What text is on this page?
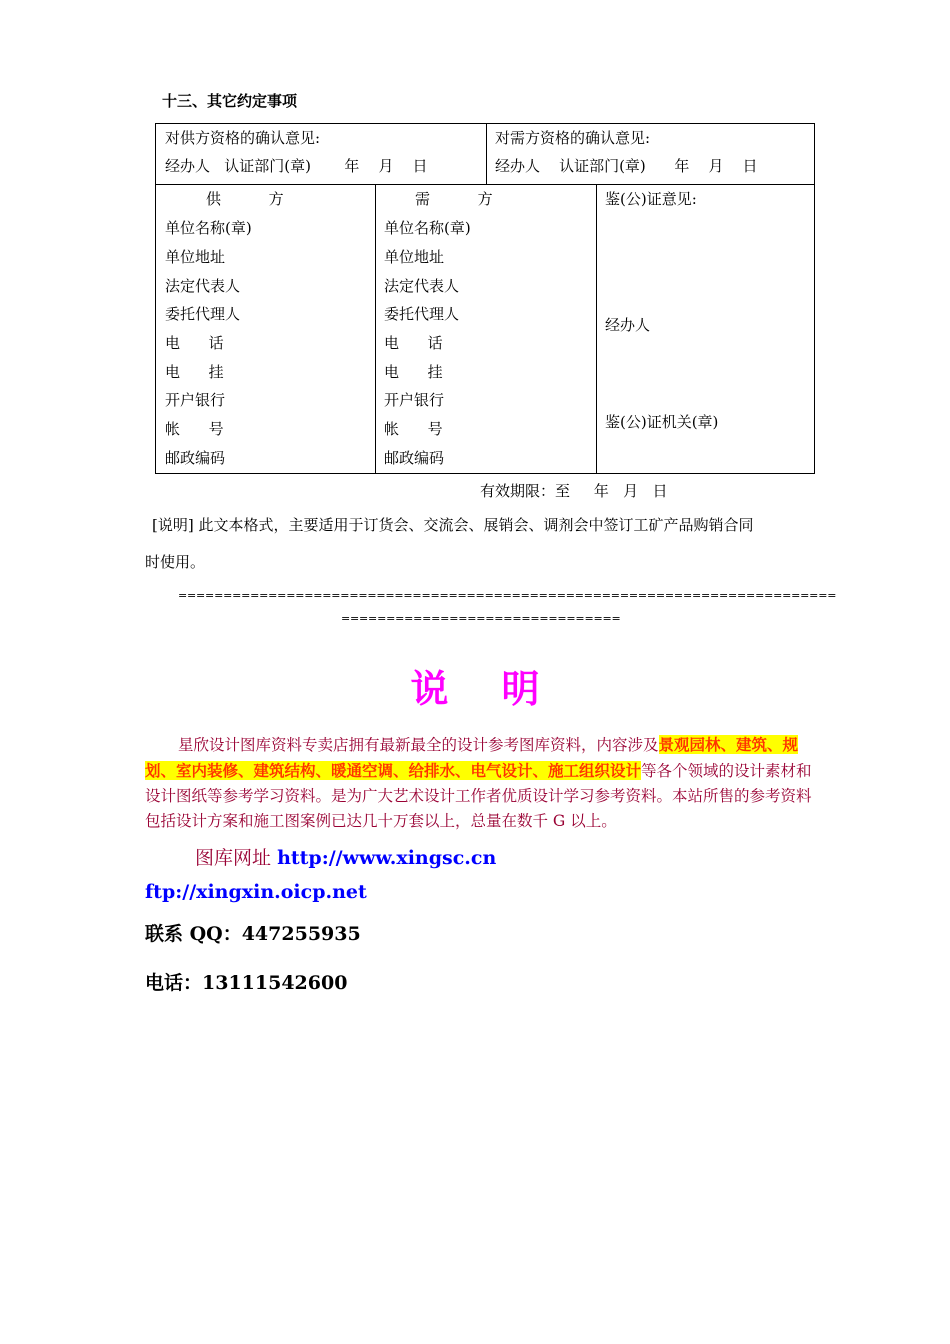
十三、其它约定事项
对供方资格的确认意见:
经办人   认证部门(章)       年    月    日
对需方资格的确认意见:
经办人    认证部门(章)      年    月    日
供          方
单位名称(章)
单位地址
法定代表人
委托代理人
电      话
电      挂
开户银行
帐      号
邮政编码
需          方
单位名称(章)
单位地址
法定代表人
委托代理人
电      话
电      挂
开户银行
帐      号
邮政编码
鉴(公)证意见:
经办人
鉴(公)证机关(章)
有效期限：至     年   月   日
[说明] 此文本格式，主要适用于订货会、交流会、展销会、调剂会中签订工矿产品购销合同
时使用。
=========================================================================
===============================
说    明

星欣设计图库资料专卖店拥有最新最全的设计参考图库资料，内容涉及景观园林、建筑、规划、室内装修、建筑结构、暖通空调、给排水、电气设计、施工组织设计等各个领域的设计素材和设计图纸等参考学习资料。是为广大艺术设计工作者优质设计学习参考资料。本站所售的参考资料包括设计方案和施工图案例已达几十万套以上，总量在数千 G 以上。

图库网址 http://www.xingsc.cn
ftp://xingxin.oicp.net
联系 QQ：447255935
电话：13111542600
